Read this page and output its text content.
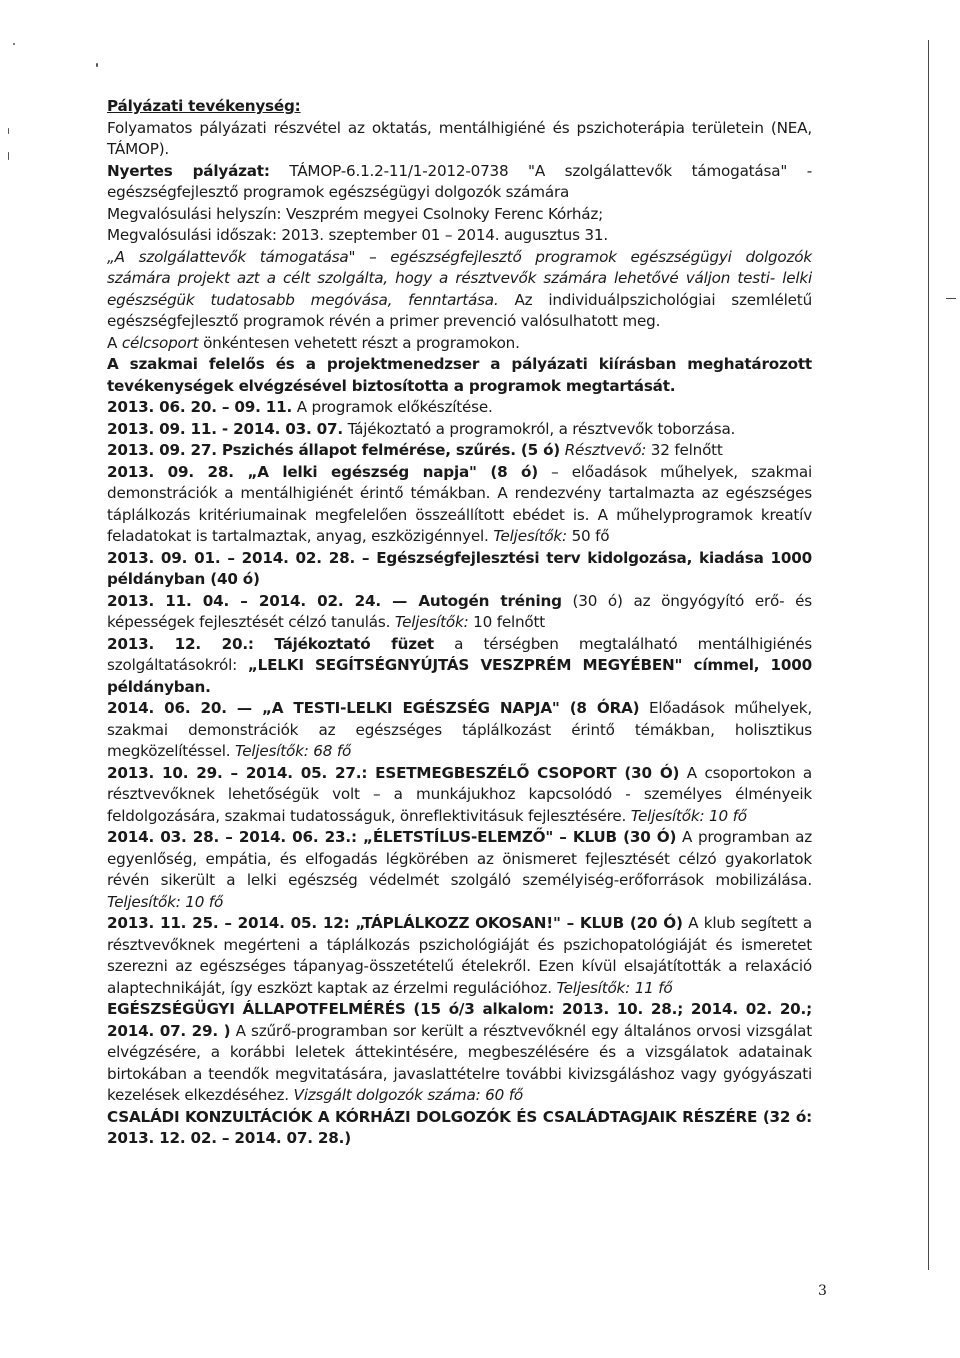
Pályázati tevékenység:

Folyamatos pályázati részvétel az oktatás, mentálhigiéné és pszichoterápia területein (NEA, TÁMOP).

Nyertes pályázat: TÁMOP-6.1.2-11/1-2012-0738 "A szolgálattevők támogatása" - egészségfejlesztő programok egészségügyi dolgozók számára

Megvalósulási helyszín: Veszprém megyei Csolnoky Ferenc Kórház;

Megvalósulási időszak: 2013. szeptember 01 – 2014. augusztus 31.

„A szolgálattevők támogatása" – egészségfejlesztő programok egészségügyi dolgozók számára projekt azt a célt szolgálta, hogy a résztvevők számára lehetővé váljon testi- lelki egészségük tudatosabb megóvása, fenntartása. Az individuálpszichológiai szemléletű egészségfejlesztő programok révén a primer prevenció valósulhatott meg.

A célcsoport önkéntesen vehetett részt a programokon.

A szakmai felelős és a projektmenedzser a pályázati kiírásban meghatározott tevékenységek elvégzésével biztosította a programok megtartását.

2013. 06. 20. – 09. 11. A programok előkészítése.

2013. 09. 11. - 2014. 03. 07. Tájékoztató a programokról, a résztvevők toborzása.

2013. 09. 27. Pszichés állapot felmérése, szűrés. (5 ó) Résztvevő: 32 felnőtt

2013. 09. 28. „A lelki egészség napja" (8 ó) – előadások műhelyek, szakmai demonstrációk a mentálhigiénét érintő témákban. A rendezvény tartalmazta az egészséges táplálkozás kritériumainak megfelelően összeállított ebédet is. A műhelyprogramok kreatív feladatokat is tartalmaztak, anyag, eszközigénnyel. Teljesítők: 50 fő

2013. 09. 01. – 2014. 02. 28. – Egészségfejlesztési terv kidolgozása, kiadása 1000 példányban (40 ó)

2013. 11. 04. – 2014. 02. 24. — Autogén tréning (30 ó) az öngyógyító erő- és képességek fejlesztését célzó tanulás. Teljesítők: 10 felnőtt

2013. 12. 20.: Tájékoztató füzet a térségben megtalálható mentálhigiénés szolgáltatásokról: „LELKI SEGÍTSÉGNYÚJTÁS VESZPRÉM MEGYÉBEN" címmel, 1000 példányban.

2014. 06. 20. — „A TESTI-LELKI EGÉSZSÉG NAPJA" (8 ÓRA) Előadások műhelyek, szakmai demonstrációk az egészséges táplálkozást érintő témákban, holisztikus megközelítéssel. Teljesítők: 68 fő

2013. 10. 29. – 2014. 05. 27.: ESETMEGBESZÉLŐ CSOPORT (30 Ó) A csoportokon a résztvevőknek lehetőségük volt – a munkájukhoz kapcsolódó - személyes élményeik feldolgozására, szakmai tudatosságuk, önreflektivitásuk fejlesztésére. Teljesítők: 10 fő

2014. 03. 28. – 2014. 06. 23.: „ÉLETSTÍLUS-ELEMZŐ" – KLUB (30 Ó) A programban az egyenlőség, empátia, és elfogadás légkörében az önismeret fejlesztését célzó gyakorlatok révén sikerült a lelki egészség védelmét szolgáló személyiség-erőforrások mobilizálása. Teljesítők: 10 fő

2013. 11. 25. – 2014. 05. 12: „TÁPLÁLKOZZ OKOSAN!" – KLUB (20 Ó) A klub segített a résztvevőknek megérteni a táplálkozás pszichológiáját és pszichopatológiáját és ismeretet szerezni az egészséges tápanyag-összetételű ételekről. Ezen kívül elsajátították a relaxáció alaptechnikáját, így eszközt kaptak az érzelmi regulációhoz. Teljesítők: 11 fő

EGÉSZSÉGÜGYI ÁLLAPOTFELMÉRÉS (15 ó/3 alkalom: 2013. 10. 28.; 2014. 02. 20.; 2014. 07. 29. ) A szűrő-programban sor került a résztvevőknél egy általános orvosi vizsgálat elvégzésére, a korábbi leletek áttekintésére, megbeszélésére és a vizsgálatok adatainak birtokában a teendők megvitatására, javaslattételre további kivizsgáláshoz vagy gyógyászati kezelések elkezdéséhez. Vizsgált dolgozók száma: 60 fő

CSALÁDI KONZULTÁCIÓK A KÓRHÁZI DOLGOZÓK ÉS CSALÁDTAGJAIK RÉSZÉRE (32 ó: 2013. 12. 02. – 2014. 07. 28.)

3
